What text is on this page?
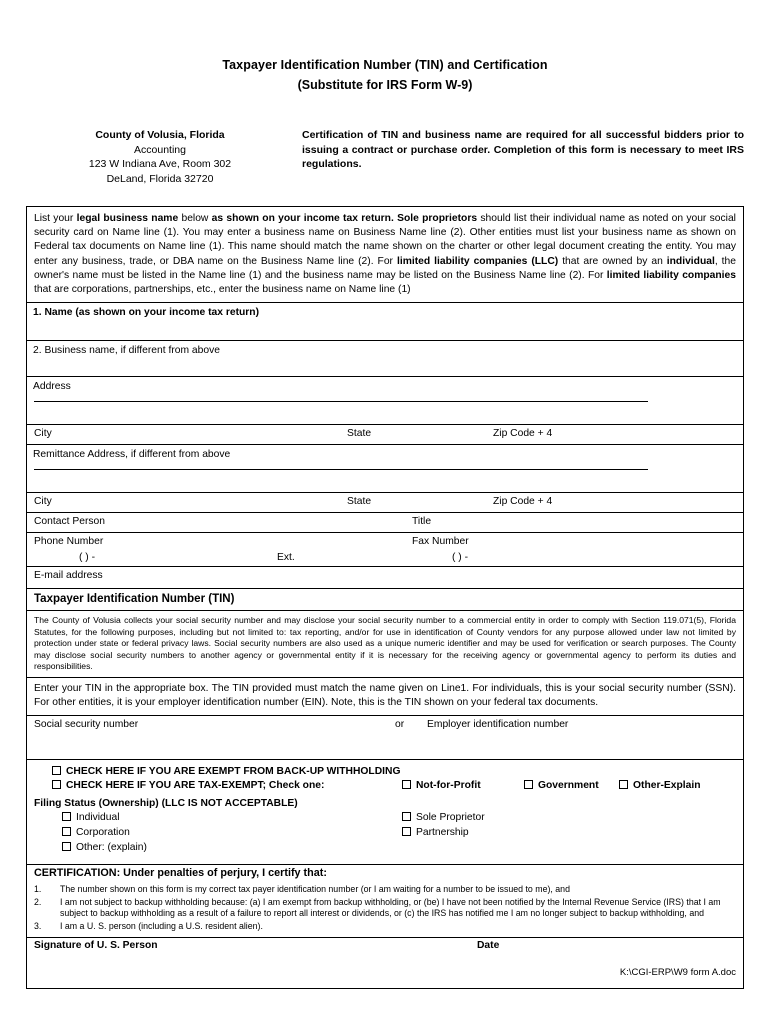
Taxpayer Identification Number (TIN) and Certification
(Substitute for IRS Form W-9)
County of Volusia, Florida
Accounting
123 W Indiana Ave, Room 302
DeLand, Florida 32720
Certification of TIN and business name are required for all successful bidders prior to issuing a contract or purchase order. Completion of this form is necessary to meet IRS regulations.
List your legal business name below as shown on your income tax return. Sole proprietors should list their individual name as noted on your social security card on Name line (1). You may enter a business name on Business Name line (2). Other entities must list your business name as shown on Federal tax documents on Name line (1). This name should match the name shown on the charter or other legal document creating the entity. You may enter any business, trade, or DBA name on the Business Name line (2). For limited liability companies (LLC) that are owned by an individual, the owner's name must be listed in the Name line (1) and the business name may be listed on the Business Name line (2). For limited liability companies that are corporations, partnerships, etc., enter the business name on Name line (1)
1. Name (as shown on your income tax return)
2. Business name, if different from above
Address
City	State	Zip Code + 4
Remittance Address, if different from above
City	State	Zip Code + 4
Contact Person	Title
Phone Number	Fax Number
( ) -	Ext.	( ) -
E-mail address
Taxpayer Identification Number (TIN)
The County of Volusia collects your social security number and may disclose your social security number to a commercial entity in order to comply with Section 119.071(5), Florida Statutes, for the following purposes, including but not limited to: tax reporting, and/or for use in identification of County vendors for any purpose allowed under law not limited by protection under state or federal privacy laws. Social security numbers are also used as a unique numeric identifier and may be used for verification or search purposes. The County may disclose social security numbers to another agency or governmental entity if it is necessary for the receiving agency or governmental agency to perform its duties and responsibilities.
Enter your TIN in the appropriate box. The TIN provided must match the name given on Line1. For individuals, this is your social security number (SSN). For other entities, it is your employer identification number (EIN). Note, this is the TIN shown on your federal tax documents.
Social security number	or Employer identification number
CHECK HERE IF YOU ARE EXEMPT FROM BACK-UP WITHHOLDING
CHECK HERE IF YOU ARE TAX-EXEMPT; Check one:	Not-for-Profit	Government	Other-Explain
Filing Status (Ownership) (LLC IS NOT ACCEPTABLE)
Individual
Corporation
Other: (explain)
Sole Proprietor
Partnership
CERTIFICATION: Under penalties of perjury, I certify that:
1. The number shown on this form is my correct tax payer identification number (or I am waiting for a number to be issued to me), and
2. I am not subject to backup withholding because: (a) I am exempt from backup withholding, or (be) I have not been notified by the Internal Revenue Service (IRS) that I am subject to backup withholding as a result of a failure to report all interest or dividends, or (c) the IRS has notified me I am no longer subject to backup withholding, and
3. I am a U. S. person (including a U.S. resident alien).
Signature of U. S. Person	Date
K:\CGI-ERP\W9 form A.doc
